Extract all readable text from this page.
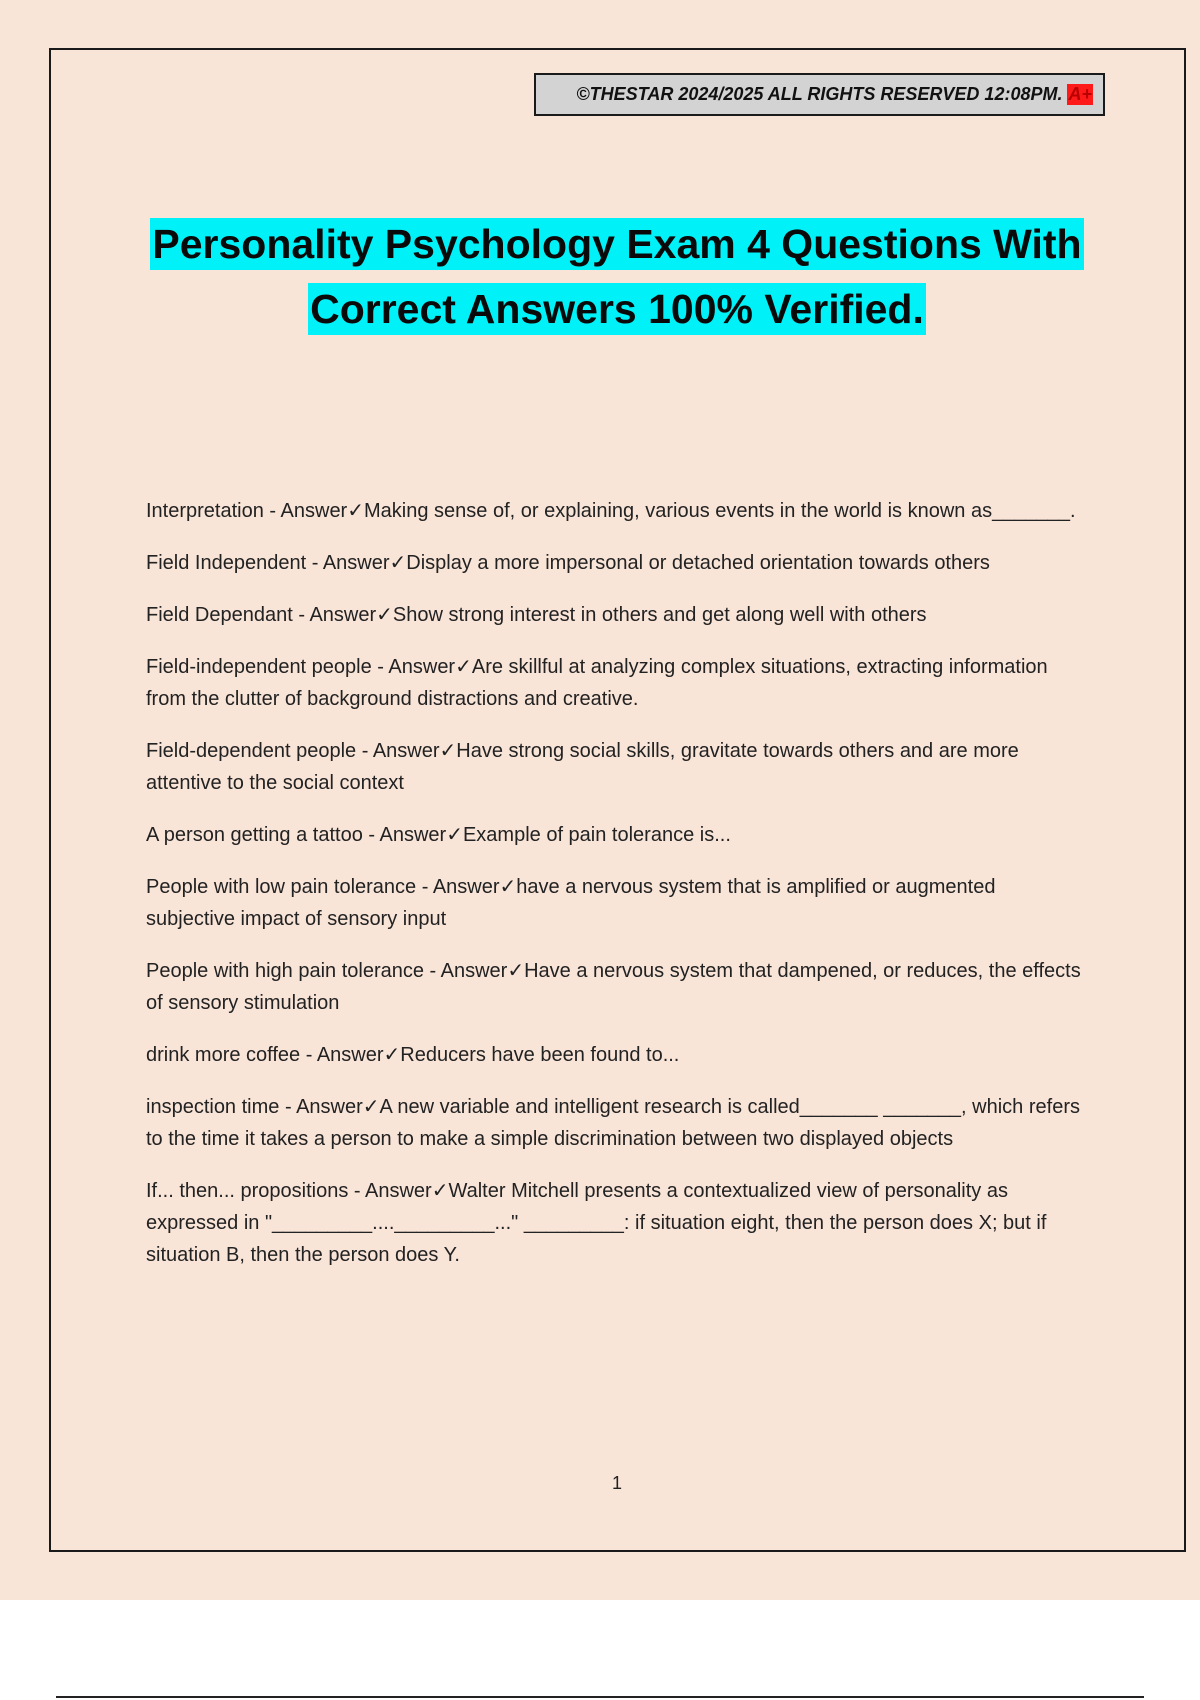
©THESTAR 2024/2025 ALL RIGHTS RESERVED 12:08PM. A+
Personality Psychology Exam 4 Questions With
Correct Answers 100% Verified.
Interpretation - Answer✓Making sense of, or explaining, various events in the world is known as_______.
Field Independent - Answer✓Display a more impersonal or detached orientation towards others
Field Dependant - Answer✓Show strong interest in others and get along well with others
Field-independent people - Answer✓Are skillful at analyzing complex situations, extracting information from the clutter of background distractions and creative.
Field-dependent people - Answer✓Have strong social skills, gravitate towards others and are more attentive to the social context
A person getting a tattoo - Answer✓Example of pain tolerance is...
People with low pain tolerance - Answer✓have a nervous system that is amplified or augmented subjective impact of sensory input
People with high pain tolerance - Answer✓Have a nervous system that dampened, or reduces, the effects of sensory stimulation
drink more coffee - Answer✓Reducers have been found to...
inspection time - Answer✓A new variable and intelligent research is called_______ _______, which refers to the time it takes a person to make a simple discrimination between two displayed objects
If... then... propositions - Answer✓Walter Mitchell presents a contextualized view of personality as expressed in "_________...._________..." _________: if situation eight, then the person does X; but if situation B, then the person does Y.
1
